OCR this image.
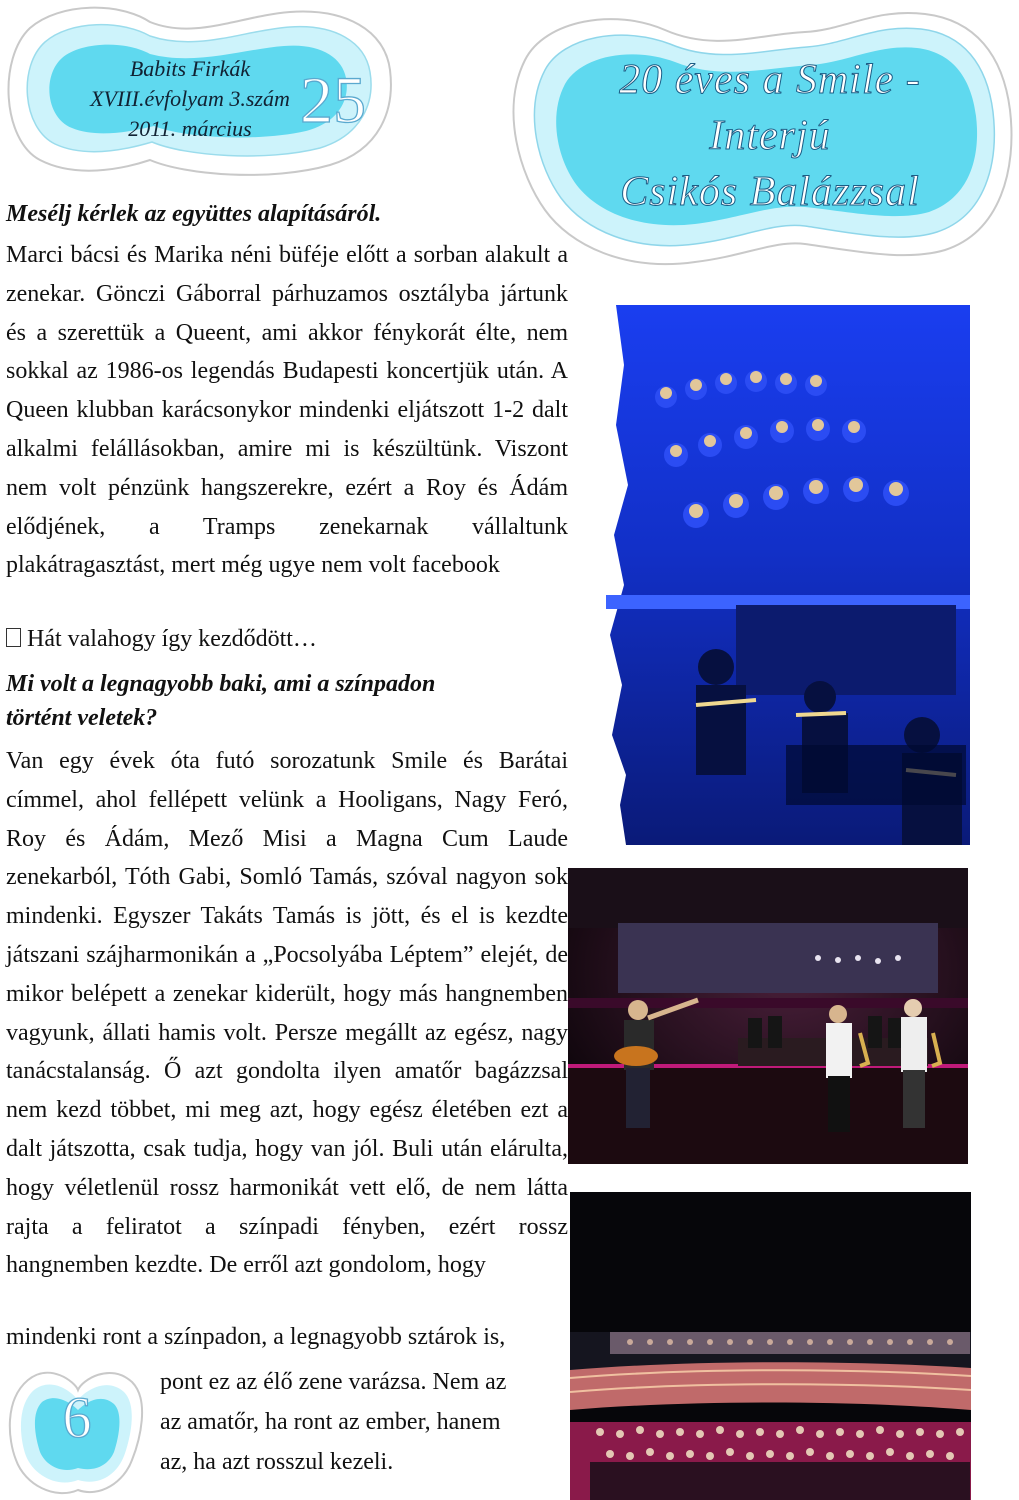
Babits Firkák
XVIII.évfolyam 3.szám
2011. március 25	20 éves a Smile -
Interjú
Csikós Balázzsal
Mesélj kérlek az együttes alapításáról.
Marci bácsi és Marika néni büféje előtt a sorban alakult a zenekar. Gönczi Gáborral párhuzamos osztályba jártunk és a szerettük a Queent, ami akkor fénykorát élte, nem sokkal az 1986-os legendás Budapesti koncertjük után. A Queen klubban karácsonykor mindenki eljátszott 1-2 dalt alkalmi felállásokban, amire mi is készültünk. Viszont nem volt pénzünk hangszerekre, ezért a Roy és Ádám elődjének, a Tramps zenekarnak vállaltunk plakátragasztást, mert még ugye nem volt facebook
Hát valahogy így kezdődött…
Mi volt a legnagyobb baki, ami a színpadon
történt veletek?
Van egy évek óta futó sorozatunk Smile és Barátai címmel, ahol fellépett velünk a Hooligans, Nagy Feró, Roy és Ádám, Mező Misi a Magna Cum Laude zenekarból, Tóth Gabi, Somló Tamás, szóval nagyon sok mindenki. Egyszer Takáts Tamás is jött, és el is kezdte játszani szájharmonikán a „Pocsolyába Léptem” elejét, de mikor belépett a zenekar kiderült, hogy más hangnemben vagyunk, állati hamis volt. Persze megállt az egész, nagy tanácstalanság. Ő azt gondolta ilyen amatőr bagázzsal nem kezd többet, mi meg azt, hogy egész életében ezt a dalt játszotta, csak tudja, hogy van jól. Buli után elárulta, hogy véletlenül rossz harmonikát vett elő, de nem látta rajta a feliratot a színpadi fényben, ezért rossz hangnemben kezdte. De erről azt gondolom, hogy
mindenki ront a színpadon, a legnagyobb sztárok is,
pont ez az élő zene varázsa. Nem az
az amatőr, ha ront az ember, hanem
az, ha azt rosszul kezeli.
6
